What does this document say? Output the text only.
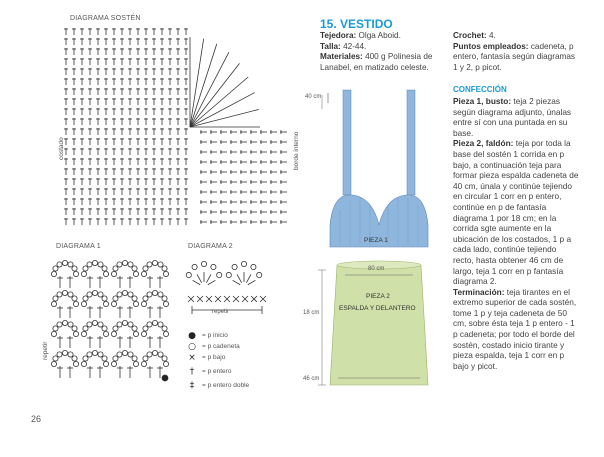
DIAGRAMA SOSTÉN
costado	borde interno
DIAGRAMA 1
repetir
DIAGRAMA 2
repetir
● = p inicio
○ = p cadeneta
× = p bajo
†	= p entero
‡	= p entero doble
26
15. VESTIDO
Tejedora: Olga Aboid.
Talla: 42-44.
Materiales: 400 g Polinesia de Lanabel, en matizado celeste.
Crochet: 4.
Puntos empleados: cadeneta, p entero, fantasía según diagramas 1 y 2, p picot.
CONFECCIÓN
Pieza 1, busto: teja 2 piezas según diagrama adjunto, únalas entre sí con una puntada en su base.
Pieza 2, faldón: teja por toda la base del sostén 1 corrida en p bajo, a continuación teja para formar pieza espalda cadeneta de 40 cm, únala y continúe tejiendo en circular 1 corr en p entero, continúe en p de fantasía diagrama 1 por 18 cm; en la corrida sgte aumente en la ubicación de los costados, 1 p a cada lado, continúe tejiendo recto, hasta obtener 46 cm de largo, teja 1 corr en p fantasía diagrama 2.
Terminación: teja tirantes en el extremo superior de cada sostén, tome 1 p y teja cadeneta de 50 cm, sobre ésta teja 1 p entero - 1 p cadeneta; por todo el borde del sostén, costado inicio tirante y pieza espalda, teja 1 corr en p bajo y picot.
40 cm
PIEZA 1
80 cm
PIEZA 2
ESPALDA Y DELANTERO
18 cm
46 cm
